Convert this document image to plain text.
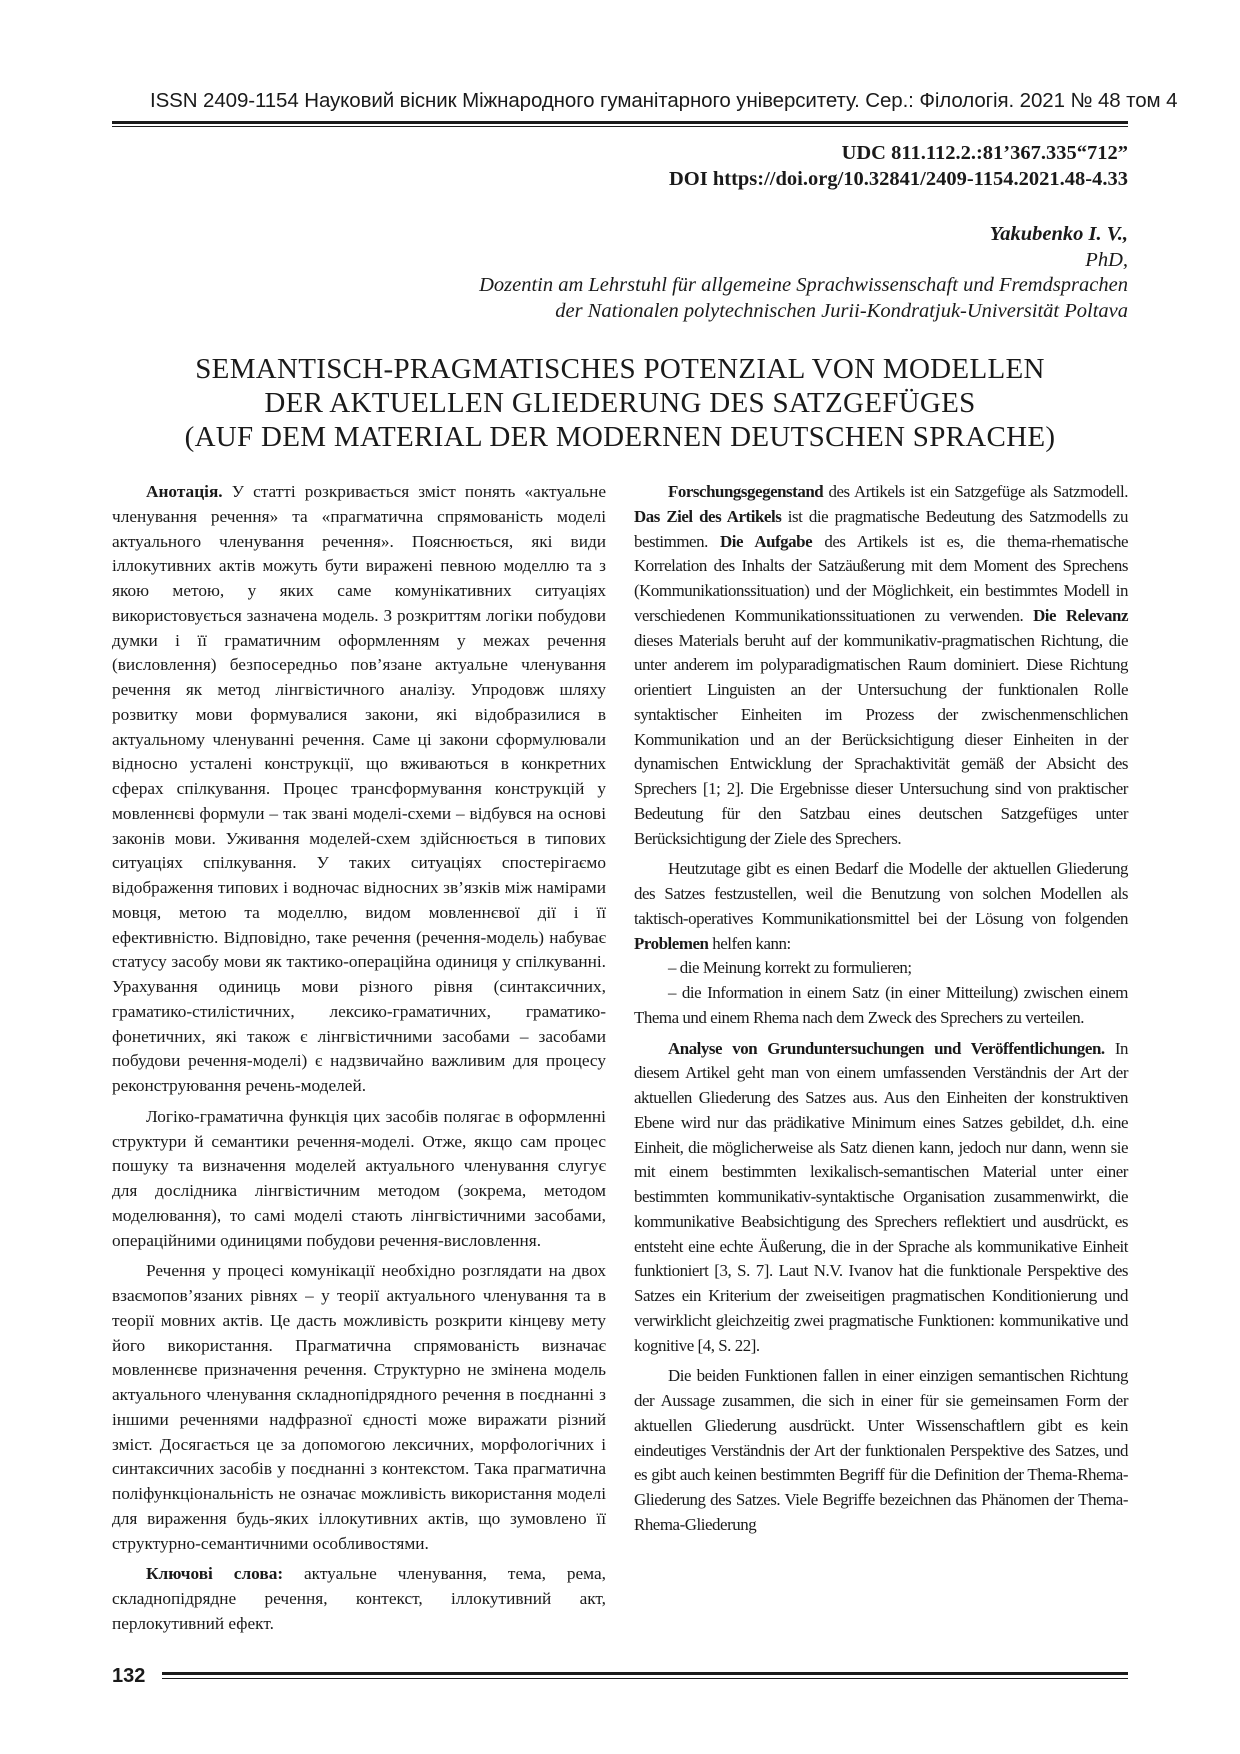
ISSN 2409-1154 Науковий вісник Міжнародного гуманітарного університету. Сер.: Філологія. 2021 № 48 том 4
UDC 811.112.2.:81’367.335“712”
DOI https://doi.org/10.32841/2409-1154.2021.48-4.33
Yakubenko I. V.,
PhD,
Dozentin am Lehrstuhl für allgemeine Sprachwissenschaft und Fremdsprachen
der Nationalen polytechnischen Jurii-Kondratjuk-Universität Poltava
SEMANTISCH-PRAGMATISCHES POTENZIAL VON MODELLEN
DER AKTUELLEN GLIEDERUNG DES SATZGEFÜGES
(AUF DEM MATERIAL DER MODERNEN DEUTSCHEN SPRACHE)

Анотація. У статті розкривається зміст понять «актуальне членування речення» та «прагматична спрямованість моделі актуального членування речення». Пояснюється, які види іллокутивних актів можуть бути виражені певною моделлю та з якою метою, у яких саме комунікативних ситуаціях використовується зазначена модель. З розкриттям логіки побудови думки і її граматичним оформленням у межах речення (висловлення) безпосередньо пов’язане актуальне членування речення як метод лінгвістичного аналізу. Упродовж шляху розвитку мови формувалися закони, які відобразилися в актуальному членуванні речення. Саме ці закони сформулювали відносно усталені конструкції, що вживаються в конкретних сферах спілкування. Процес трансформування конструкцій у мовленнєві формули – так звані моделі-схеми – відбувся на основі законів мови. Уживання моделей-схем здійснюється в типових ситуаціях спілкування. У таких ситуаціях спостерігаємо відображення типових і водночас відносних зв’язків між намірами мовця, метою та моделлю, видом мовленнєвої дії і її ефективністю. Відповідно, таке речення (речення-модель) набуває статусу засобу мови як тактико-операційна одиниця у спілкуванні. Урахування одиниць мови різного рівня (синтаксичних, граматико-стилістичних, лексико-граматичних, граматико-фонетичних, які також є лінгвістичними засобами – засобами побудови речення-моделі) є надзвичайно важливим для процесу реконструювання речень-моделей.

Логіко-граматична функція цих засобів полягає в оформленні структури й семантики речення-моделі. Отже, якщо сам процес пошуку та визначення моделей актуального членування слугує для дослідника лінгвістичним методом (зокрема, методом моделювання), то самі моделі стають лінгвістичними засобами, операційними одиницями побудови речення-висловлення.

Речення у процесі комунікації необхідно розглядати на двох взаємопов’язаних рівнях – у теорії актуального членування та в теорії мовних актів. Це дасть можливість розкрити кінцеву мету його використання. Прагматична спрямованість визначає мовленнєве призначення речення. Структурно не змінена модель актуального членування складнопідрядного речення в поєднанні з іншими реченнями надфразної єдності може виражати різний зміст. Досягається це за допомогою лексичних, морфологічних і синтаксичних засобів у поєднанні з контекстом. Така прагматична поліфункціональність не означає можливість використання моделі для вираження будь-яких іллокутивних актів, що зумовлено її структурно-семантичними особливостями.

Ключові слова: актуальне членування, тема, рема, складнопідрядне речення, контекст, іллокутивний акт, перлокутивний ефект.

Forschungsgegenstand des Artikels ist ein Satzgefüge als Satzmodell. Das Ziel des Artikels ist die pragmatische Bedeutung des Satzmodells zu bestimmen. Die Aufgabe des Artikels ist es, die thema-rhematische Korrelation des Inhalts der Satzäußerung mit dem Moment des Sprechens (Kommunikationssituation) und der Möglichkeit, ein bestimmtes Modell in verschiedenen Kommunikationssituationen zu verwenden. Die Relevanz dieses Materials beruht auf der kommunikativ-pragmatischen Richtung, die unter anderem im polyparadigmatischen Raum dominiert. Diese Richtung orientiert Linguisten an der Untersuchung der funktionalen Rolle syntaktischer Einheiten im Prozess der zwischenmenschlichen Kommunikation und an der Berücksichtigung dieser Einheiten in der dynamischen Entwicklung der Sprachaktivität gemäß der Absicht des Sprechers [1; 2]. Die Ergebnisse dieser Untersuchung sind von praktischer Bedeutung für den Satzbau eines deutschen Satzgefüges unter Berücksichtigung der Ziele des Sprechers.

Heutzutage gibt es einen Bedarf die Modelle der aktuellen Gliederung des Satzes festzustellen, weil die Benutzung von solchen Modellen als taktisch-operatives Kommunikationsmittel bei der Lösung von folgenden Problemen helfen kann:

– die Meinung korrekt zu formulieren;

– die Information in einem Satz (in einer Mitteilung) zwischen einem Thema und einem Rhema nach dem Zweck des Sprechers zu verteilen.

Analyse von Grunduntersuchungen und Veröffentlichungen. In diesem Artikel geht man von einem umfassenden Verständnis der Art der aktuellen Gliederung des Satzes aus. Aus den Einheiten der konstruktiven Ebene wird nur das prädikative Minimum eines Satzes gebildet, d.h. eine Einheit, die möglicherweise als Satz dienen kann, jedoch nur dann, wenn sie mit einem bestimmten lexikalisch-semantischen Material unter einer bestimmten kommunikativ-syntaktische Organisation zusammenwirkt, die kommunikative Beabsichtigung des Sprechers reflektiert und ausdrückt, es entsteht eine echte Äußerung, die in der Sprache als kommunikative Einheit funktioniert [3, S. 7]. Laut N.V. Ivanov hat die funktionale Perspektive des Satzes ein Kriterium der zweiseitigen pragmatischen Konditionierung und verwirklicht gleichzeitig zwei pragmatische Funktionen: kommunikative und kognitive [4, S. 22].

Die beiden Funktionen fallen in einer einzigen semantischen Richtung der Aussage zusammen, die sich in einer für sie gemeinsamen Form der aktuellen Gliederung ausdrückt. Unter Wissenschaftlern gibt es kein eindeutiges Verständnis der Art der funktionalen Perspektive des Satzes, und es gibt auch keinen bestimmten Begriff für die Definition der Thema-Rhema-Gliederung des Satzes. Viele Begriffe bezeichnen das Phänomen der Thema-Rhema-Gliederung

132
